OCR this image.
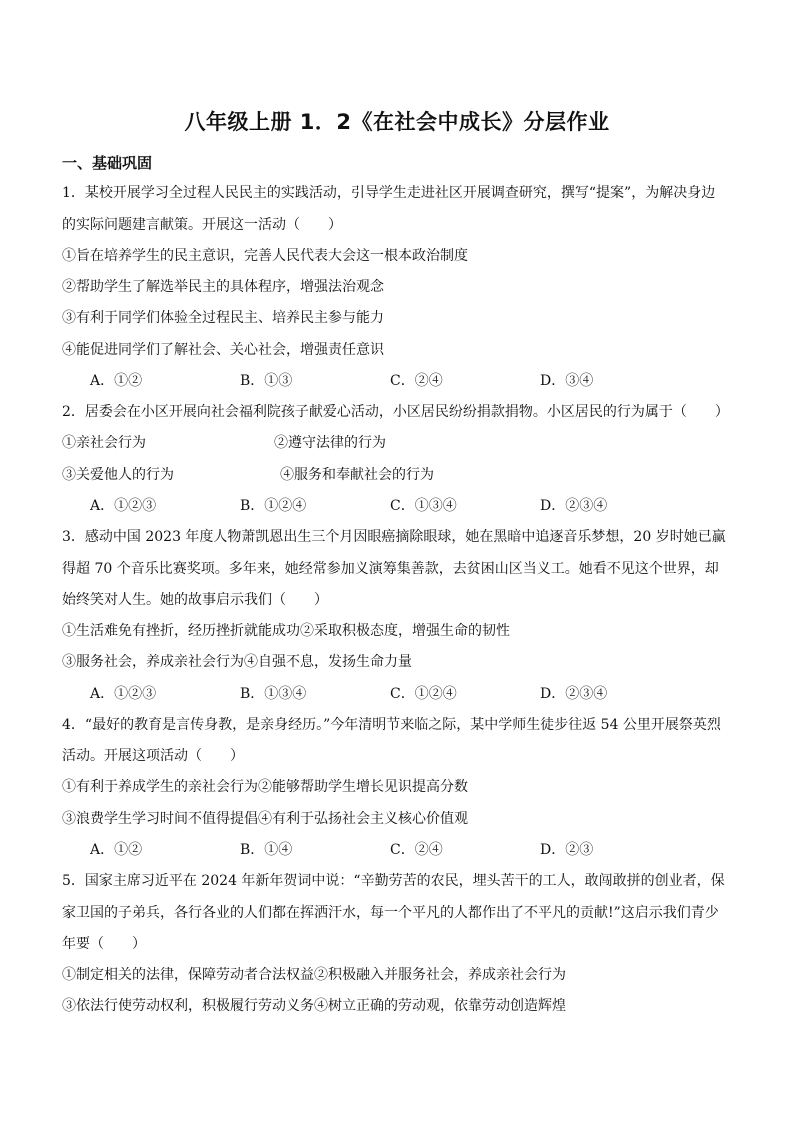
八年级上册 1．2《在社会中成长》分层作业
一、基础巩固
1．某校开展学习全过程人民民主的实践活动，引导学生走进社区开展调查研究，撰写“提案”，为解决身边
的实际问题建言献策。开展这一活动（　　）
①旨在培养学生的民主意识，完善人民代表大会这一根本政治制度
②帮助学生了解选举民主的具体程序，增强法治观念
③有利于同学们体验全过程民主、培养民主参与能力
④能促进同学们了解社会、关心社会，增强责任意识
A．①②	B．①③	C．②④	D．③④
2．居委会在小区开展向社会福利院孩子献爱心活动，小区居民纷纷捐款捐物。小区居民的行为属于（　　）
①亲社会行为	②遵守法律的行为
③关爱他人的行为	④服务和奉献社会的行为
A．①②③	B．①②④	C．①③④	D．②③④
3．感动中国 2023 年度人物萧凯恩出生三个月因眼癌摘除眼球，她在黑暗中追逐音乐梦想，20 岁时她已赢
得超 70 个音乐比赛奖项。多年来，她经常参加义演筹集善款，去贫困山区当义工。她看不见这个世界，却
始终笑对人生。她的故事启示我们（　　）
①生活难免有挫折，经历挫折就能成功②采取积极态度，增强生命的韧性
③服务社会，养成亲社会行为④自强不息，发扬生命力量
A．①②③	B．①③④	C．①②④	D．②③④
4．“最好的教育是言传身教，是亲身经历。”今年清明节来临之际，某中学师生徒步往返 54 公里开展祭英烈
活动。开展这项活动（　　）
①有利于养成学生的亲社会行为②能够帮助学生增长见识提高分数
③浪费学生学习时间不值得提倡④有利于弘扬社会主义核心价值观
A．①②	B．①④	C．②④	D．②③
5．国家主席习近平在 2024 年新年贺词中说：“辛勤劳苦的农民，埋头苦干的工人，敢闯敢拼的创业者，保
家卫国的子弟兵，各行各业的人们都在挥洒汗水，每一个平凡的人都作出了不平凡的贡献!”这启示我们青少
年要（　　）
①制定相关的法律，保障劳动者合法权益②积极融入并服务社会，养成亲社会行为
③依法行使劳动权利，积极履行劳动义务④树立正确的劳动观，依靠劳动创造辉煌
